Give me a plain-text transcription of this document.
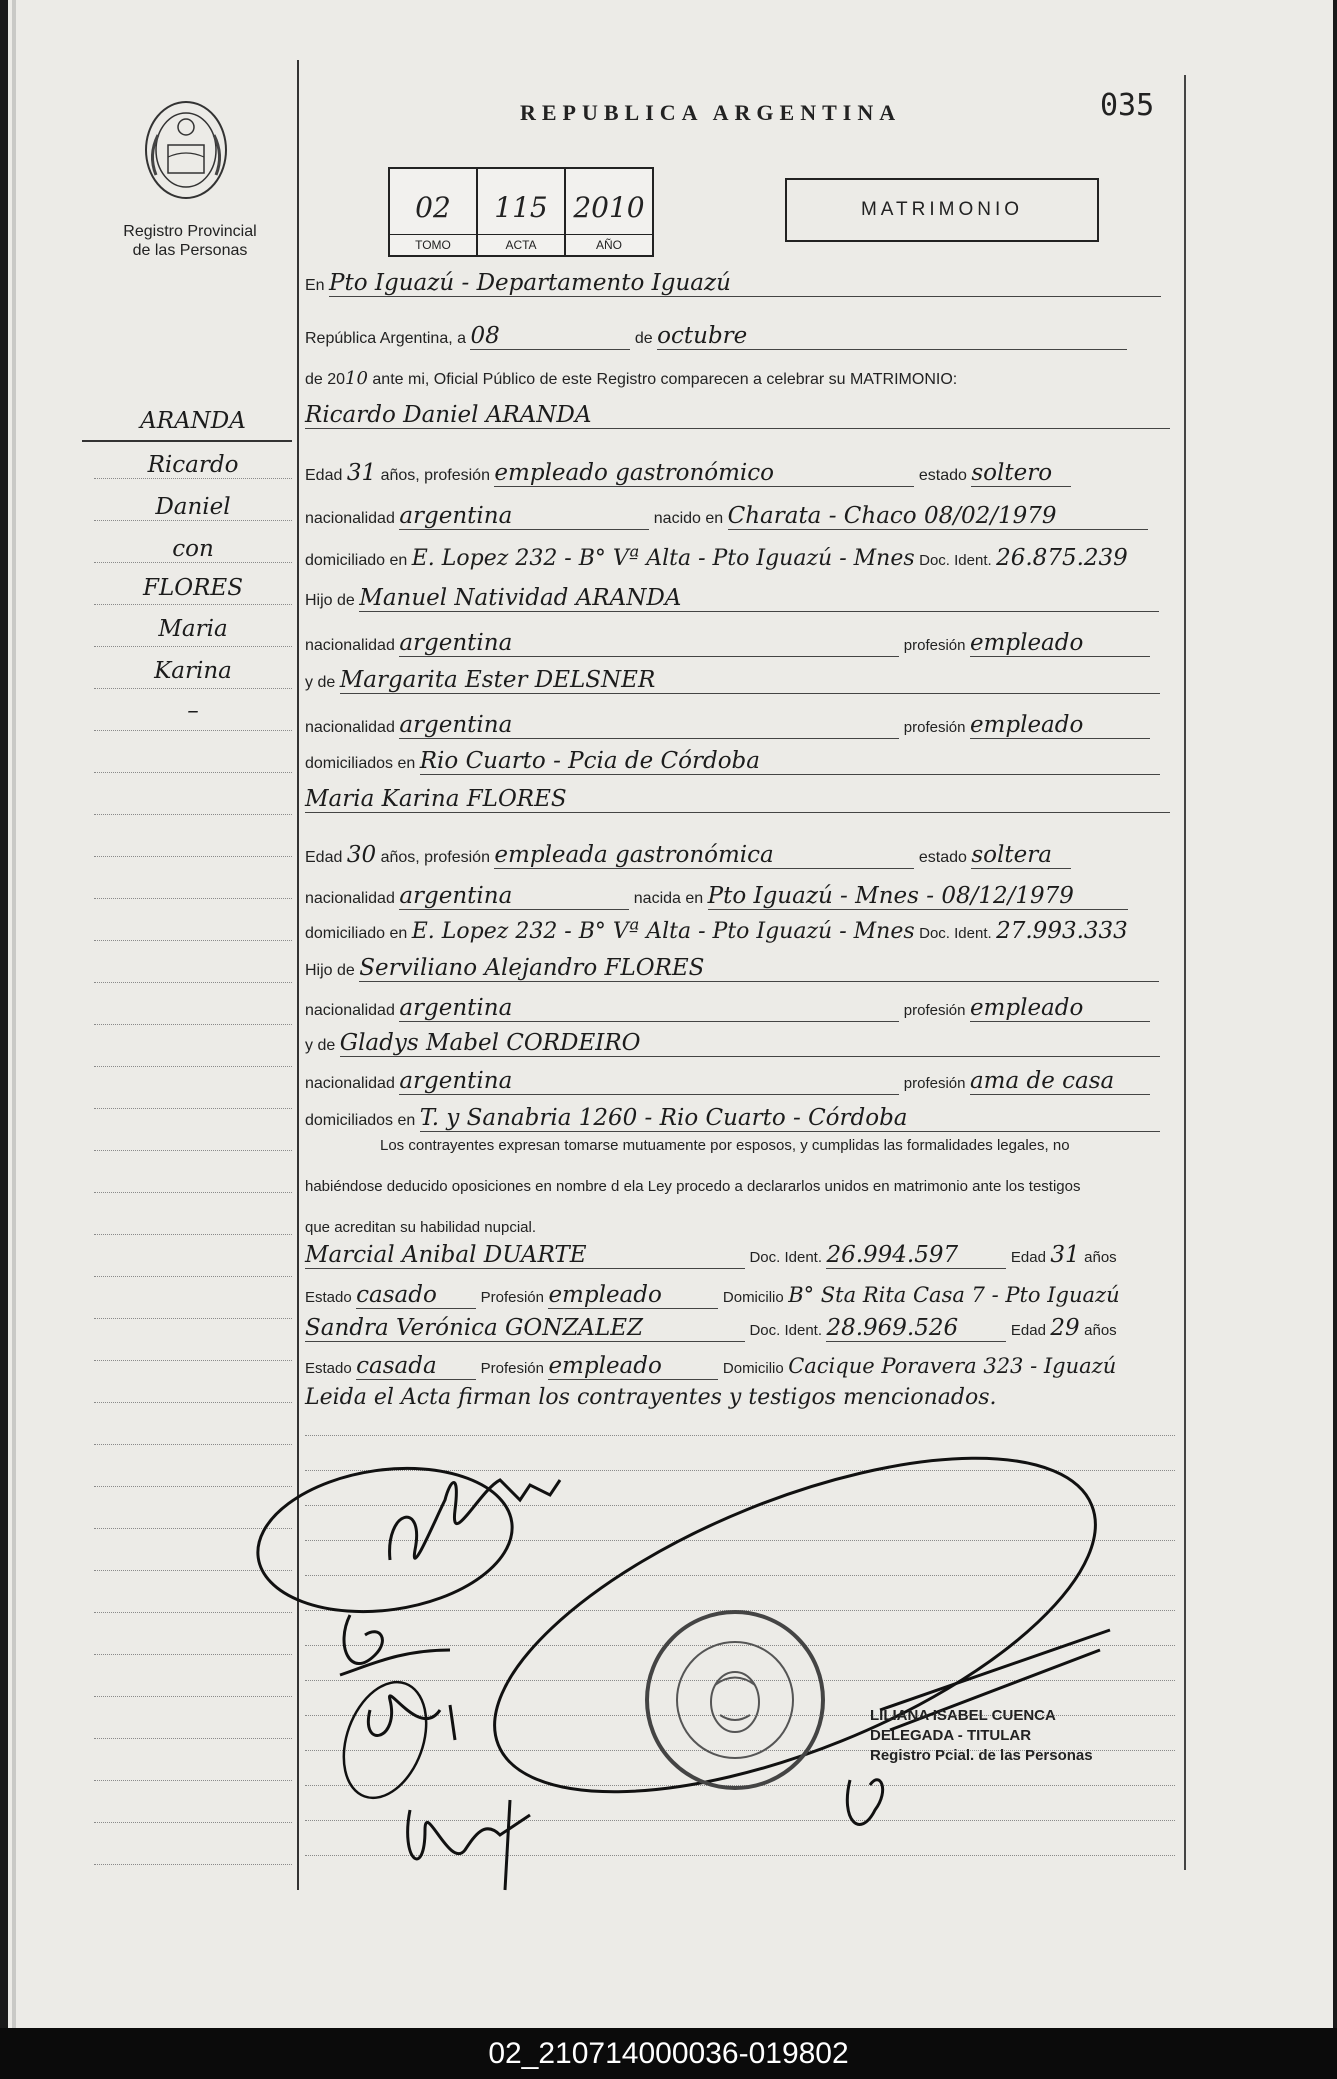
Registro Provincial
de las Personas
REPUBLICA ARGENTINA	035
02
TOMO
115
ACTA
2010
AÑO
MATRIMONIO
En Pto Iguazú - Departamento Iguazú
República Argentina, a 08	de octubre
de 2010 ante mi, Oficial Público de este Registro comparecen a celebrar su MATRIMONIO:
Ricardo Daniel ARANDA
Edad 31 años, profesión empleado gastronómico	estado soltero
nacionalidad argentina	nacido en Charata - Chaco 08/02/1979
domiciliado en E. Lopez 232 - B° Vª Alta - Pto Iguazú - Mnes Doc. Ident. 26.875.239
Hijo de Manuel Natividad ARANDA
nacionalidad argentina	profesión empleado
y de Margarita Ester DELSNER
nacionalidad argentina	profesión empleado
domiciliados en Rio Cuarto - Pcia de Córdoba
Maria Karina FLORES
Edad 30 años, profesión empleada gastronómica	estado soltera
nacionalidad argentina	nacida en Pto Iguazú - Mnes - 08/12/1979
domiciliado en E. Lopez 232 - B° Vª Alta - Pto Iguazú - Mnes Doc. Ident. 27.993.333
Hijo de Serviliano Alejandro FLORES
nacionalidad argentina	profesión empleado
y de Gladys Mabel CORDEIRO
nacionalidad argentina	profesión ama de casa
domiciliados en T. y Sanabria 1260 - Rio Cuarto - Córdoba
Los contrayentes expresan tomarse mutuamente por esposos, y cumplidas las formalidades legales, no
habiéndose deducido oposiciones en nombre d ela Ley procedo a declararlos unidos en matrimonio ante los testigos
que acreditan su habilidad nupcial.
Marcial Anibal DUARTE	Doc. Ident. 26.994.597	Edad 31 años
Estado casado	Profesión empleado	Domicilio B° Sta Rita Casa 7 - Pto Iguazú
Sandra Verónica GONZALEZ	Doc. Ident. 28.969.526	Edad 29 años
Estado casada	Profesión empleado	Domicilio Cacique Poravera 323 - Iguazú
Leida el Acta firman los contrayentes y testigos mencionados.
ARANDA
Ricardo
Daniel
con
FLORES
Maria
Karina
–
LILIANA ISABEL CUENCA
DELEGADA - TITULAR
Registro Pcial. de las Personas
02_210714000036-019802
